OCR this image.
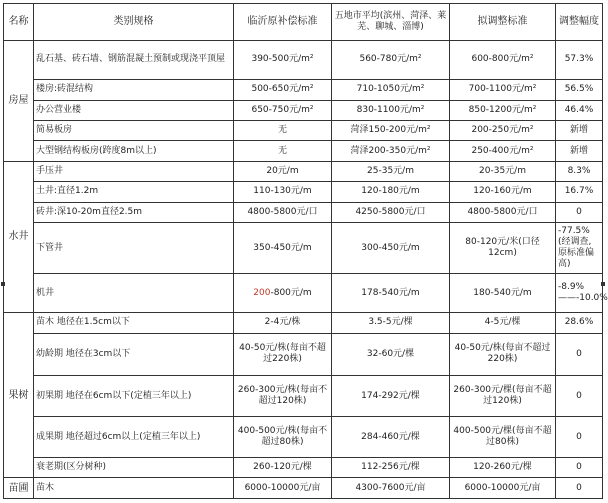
名称	类别规格	临沂原补偿标准	五地市平均(滨州、菏泽、莱芜、聊城、淄博)	拟调整标准	调整幅度
房屋	乱石基、砖石墙、钢筋混凝土预制或现浇平顶屋	390-500元/m²	560-780元/m²	600-800元/m²	57.3%
	楼房:砖混结构	500-650元/m²	710-1050元/m²	700-1100元/m²	56.5%
	办公营业楼	650-750元/m²	830-1100元/m²	850-1200元/m²	46.4%
	简易板房	无	菏泽150-200元/m²	200-250元/m²	新增
	大型钢结构板房(跨度8m以上)	无	菏泽200-350元/m²	250-400元/m²	新增
水井	手压井	20元/m	25-35元/m	20-35元/m	8.3%
	土井:直径1.2m	110-130元/m	120-180元/m	120-160元/m	16.7%
	砖井:深10-20m直径2.5m	4800-5800元/口	4250-5800元/口	4800-5800元/口	0
	下管井	350-450元/m	300-450元/m	80-120元/米(口径12cm)	-77.5%(经调查,原标准偏高)
	机井	200-800元/m	178-540元/m	180-540元/m	-8.9%——-10.0%
果树	苗木 地径在1.5cm以下	2-4元/株	3.5-5元/棵	4-5元/棵	28.6%
	幼龄期 地径在3cm以下	40-50元/株(每亩不超过220株)	32-60元/棵	40-50元/株(每亩不超过220株)	0
	初果期 地径在6cm以下(定植三年以上)	260-300元/株(每亩不超过120株)	174-292元/棵	260-300元/棵(每亩不超过120株)	0
	成果期 地径超过6cm以上(定植三年以上)	400-500元/株(每亩不超过80株)	284-460元/棵	400-500元/棵(每亩不超过80株)	0
	衰老期(区分树种)	260-120元/棵	112-256元/棵	120-260元/棵	0
苗圃	苗木	6000-10000元/亩	4300-7600元/亩	6000-10000元/亩	0
